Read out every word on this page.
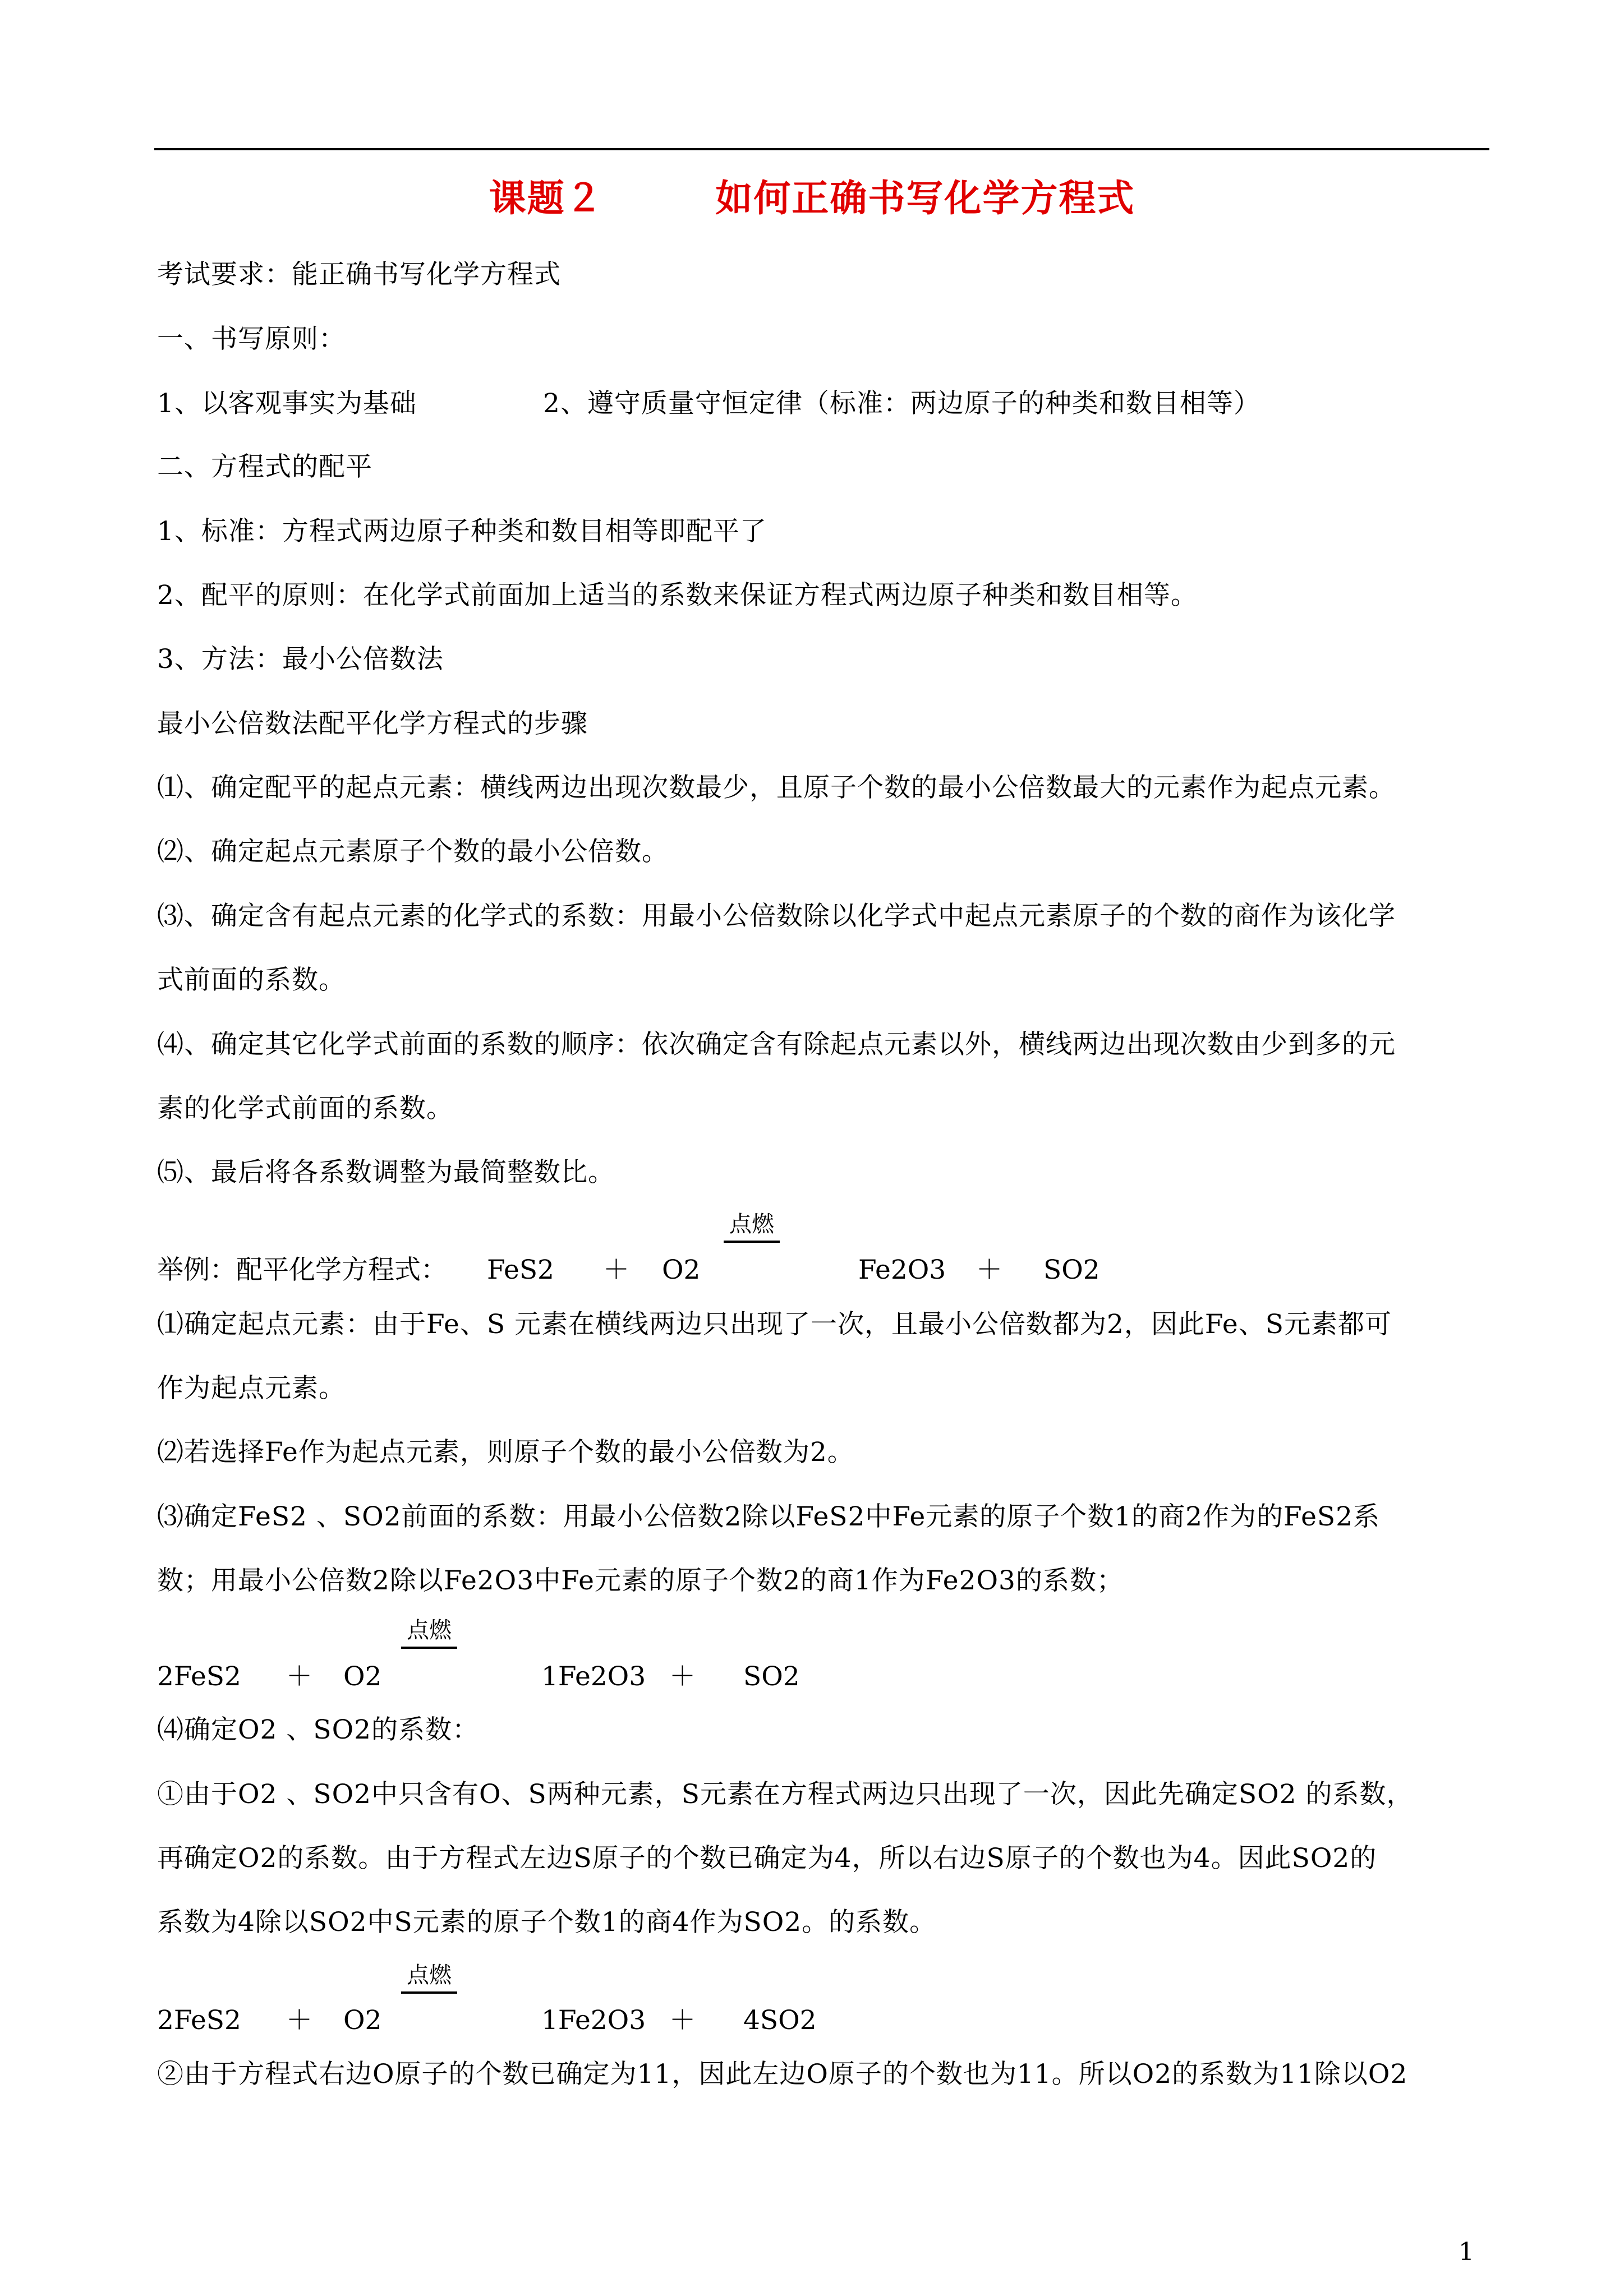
课题２	如何正确书写化学方程式
考试要求：能正确书写化学方程式
一、书写原则：
1、以客观事实为基础	2、遵守质量守恒定律（标准：两边原子的种类和数目相等）
二、方程式的配平
1、标准：方程式两边原子种类和数目相等即配平了
2、配平的原则：在化学式前面加上适当的系数来保证方程式两边原子种类和数目相等。
3、方法：最小公倍数法
最小公倍数法配平化学方程式的步骤
⑴、确定配平的起点元素：横线两边出现次数最少，且原子个数的最小公倍数最大的元素作为起点元素。
⑵、确定起点元素原子个数的最小公倍数。
⑶、确定含有起点元素的化学式的系数：用最小公倍数除以化学式中起点元素原子的个数的商作为该化学
式前面的系数。
⑷、确定其它化学式前面的系数的顺序：依次确定含有除起点元素以外，横线两边出现次数由少到多的元
素的化学式前面的系数。
⑸、最后将各系数调整为最简整数比。
点燃
举例：配平化学方程式： FeS2 ＋ O2	Fe2O3 ＋ SO2
⑴确定起点元素：由于Fe、S 元素在横线两边只出现了一次，且最小公倍数都为2，因此Fe、S元素都可
作为起点元素。
⑵若选择Fe作为起点元素，则原子个数的最小公倍数为2。
⑶确定FeS2 、SO2前面的系数：用最小公倍数2除以FeS2中Fe元素的原子个数1的商2作为的FeS2系
数；用最小公倍数2除以Fe2O3中Fe元素的原子个数2的商1作为Fe2O3的系数；
点燃
2FeS2 ＋ O2	1Fe2O3 ＋ SO2
⑷确定O2 、SO2的系数：
①由于O2 、SO2中只含有O、S两种元素，S元素在方程式两边只出现了一次，因此先确定SO2 的系数，
再确定O2的系数。由于方程式左边S原子的个数已确定为4，所以右边S原子的个数也为4。因此SO2的
系数为4除以SO2中S元素的原子个数1的商4作为SO2。的系数。
点燃
2FeS2 ＋ O2	1Fe2O3 ＋ 4SO2
②由于方程式右边O原子的个数已确定为11，因此左边O原子的个数也为11。所以O2的系数为11除以O2
1
